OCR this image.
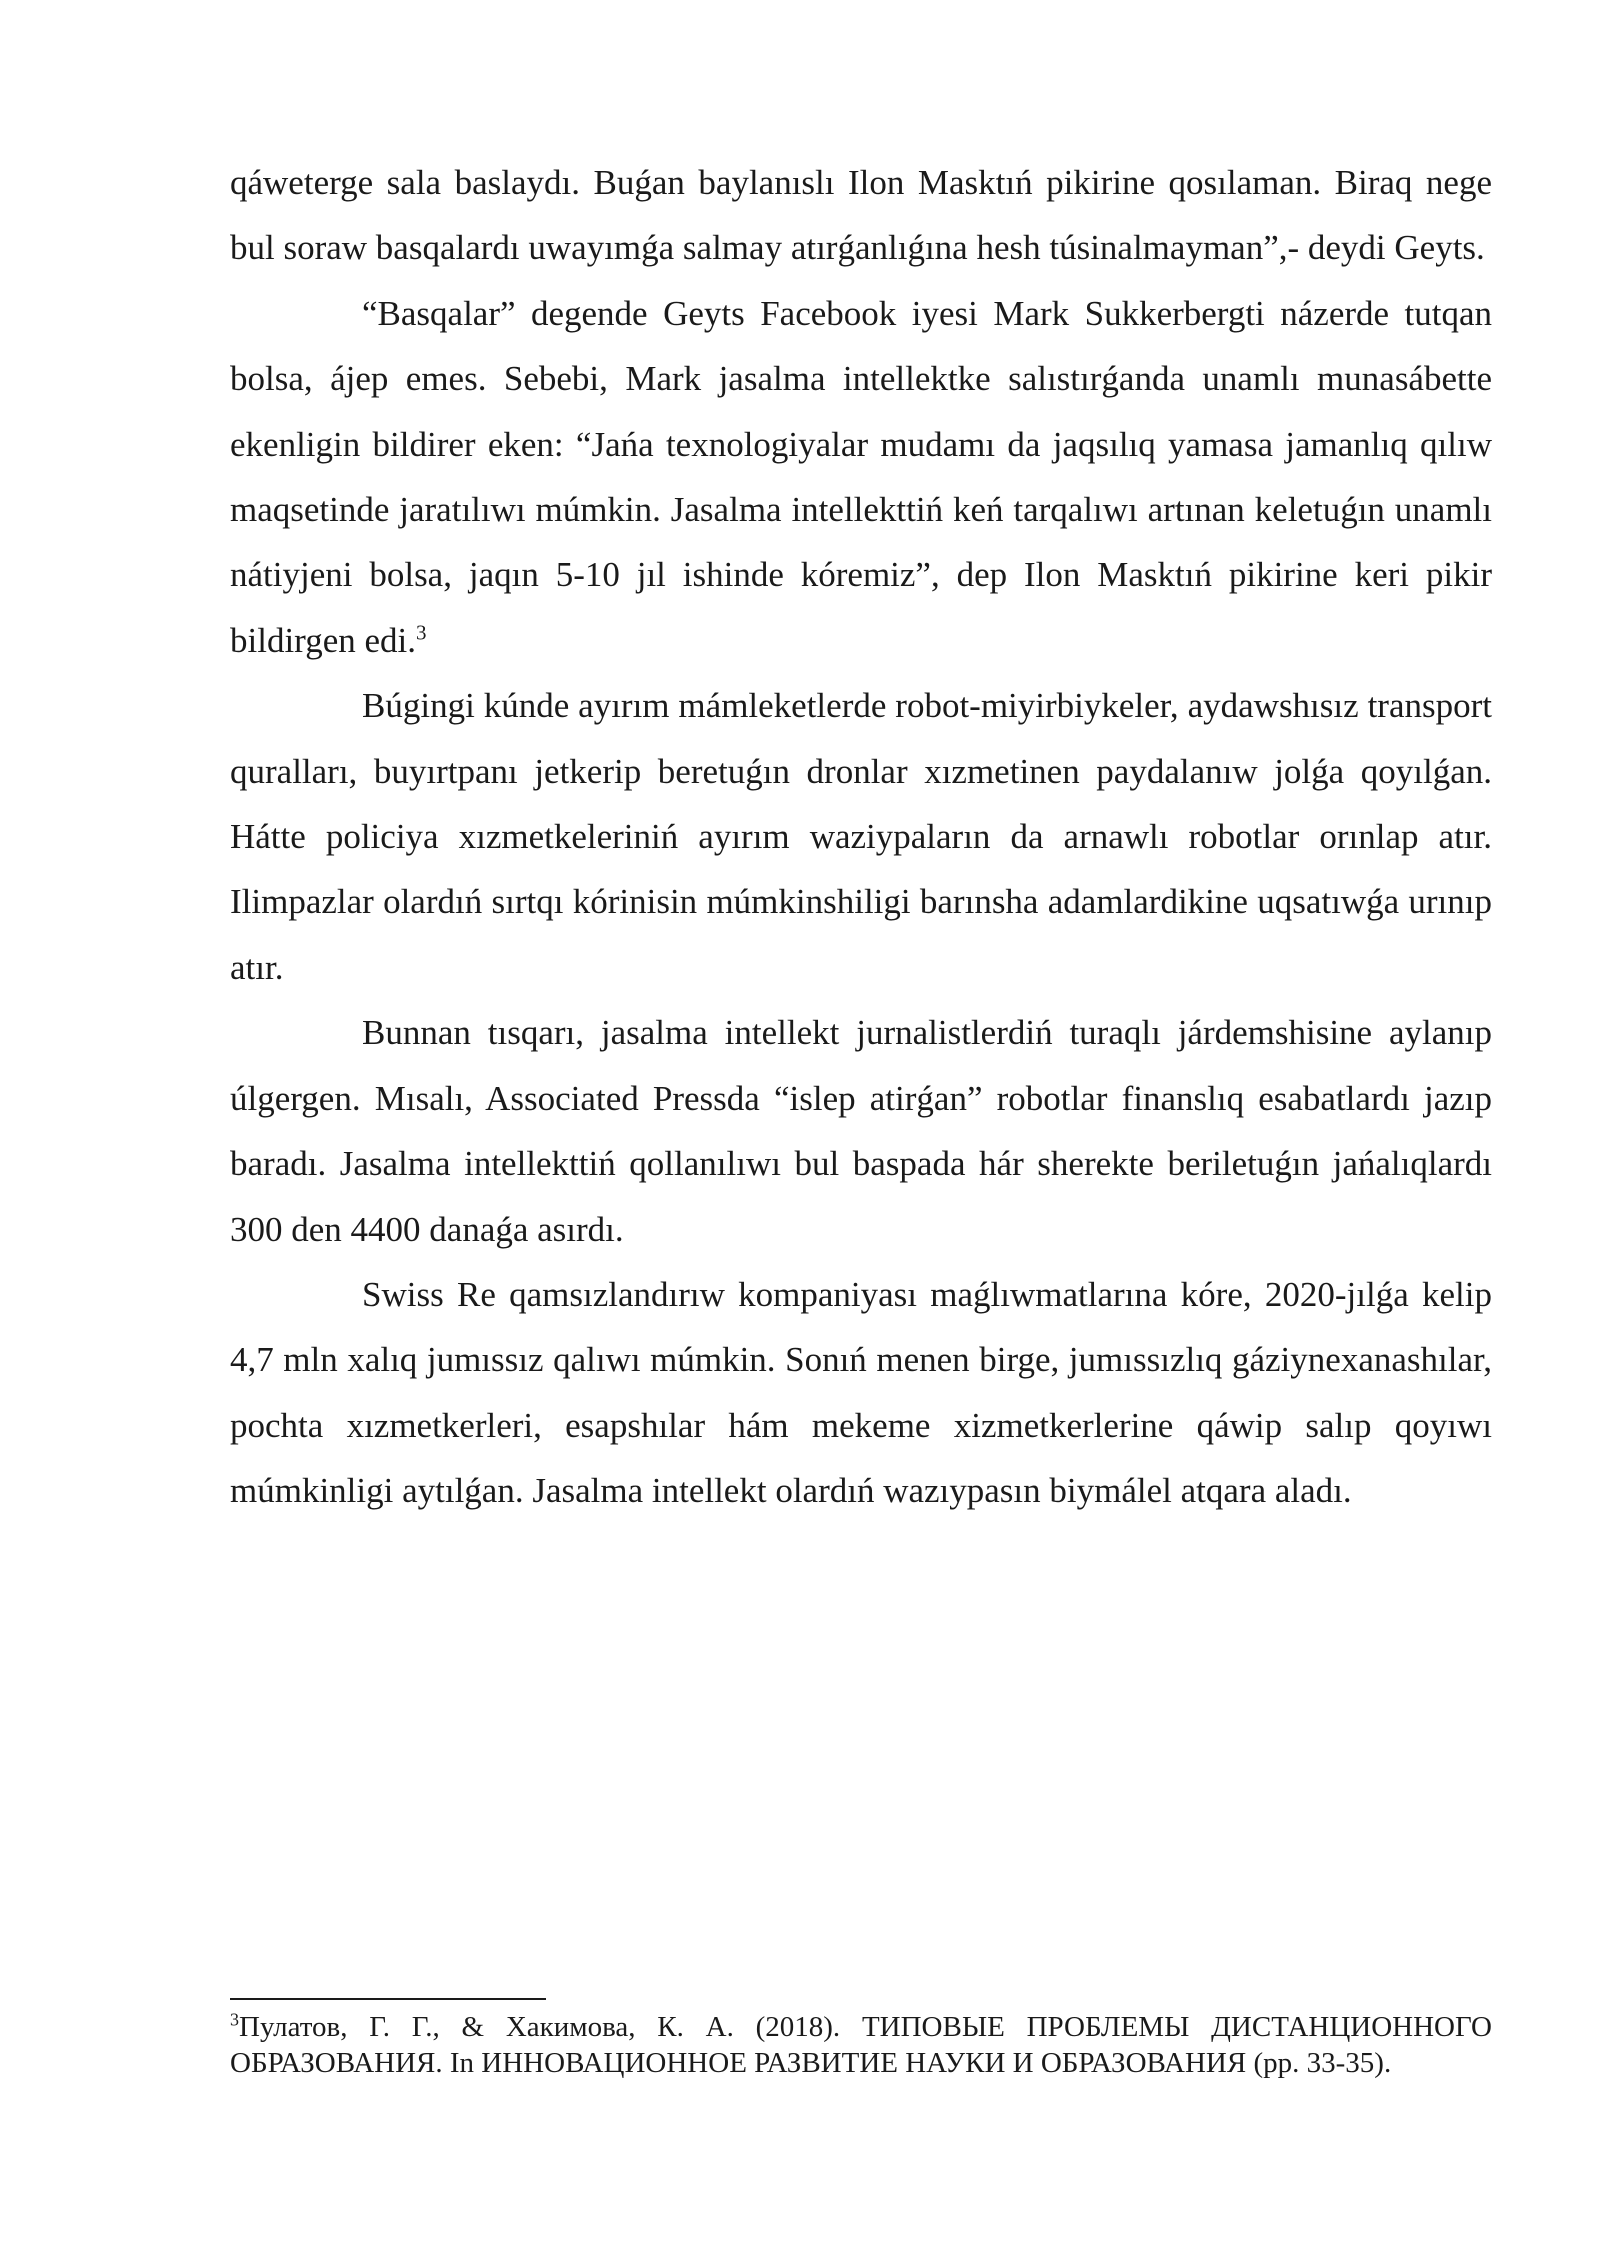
qáweterge sala baslaydı. Buǵan baylanıslı Ilon Masktıń pikirine qosılaman. Biraq nege bul soraw basqalardı uwayımǵa salmay atırǵanlıǵına hesh túsinalmayman”,- deydi Geyts.

“Basqalar” degende Geyts Facebook iyesi Mark Sukkerbergti názerde tutqan bolsa, ájep emes. Sebebi, Mark jasalma intellektke salıstırǵanda unamlı munasábette ekenligin bildirer eken: “Jańa texnologiyalar mudamı da jaqsılıq yamasa jamanlıq qılıw maqsetinde jaratılıwı múmkin. Jasalma intellekttiń keń tarqalıwı artınan keletuǵın unamlı nátiyjeni bolsa, jaqın 5-10 jıl ishinde kóremiz”, dep Ilon Masktıń pikirine keri pikir bildirgen edi.$^3$

Búgingi kúnde ayırım mámleketlerde robot-miyirbiykeler, aydawshısız transport quralları, buyırtpanı jetkerip beretuǵın dronlar xızmetinen paydalanıw jolǵa qoyılǵan. Hátte policiya xızmetkeleriniń ayırım waziypaların da arnawlı robotlar orınlap atır. Ilimpazlar olardıń sırtqı kórinisin múmkinshiligi barınsha adamlardikine uqsatıwǵa urınıp atır.

Bunnan tısqarı, jasalma intellekt jurnalistlerdiń turaqlı járdemshisine aylanıp úlgergen. Mısalı, Associated Pressda “islep atirǵan” robotlar finanslıq esabatlardı jazıp baradı. Jasalma intellekttiń qollanılıwı bul baspada hár sherekte beriletuǵın jańalıqlardı 300 den 4400 danaǵa asırdı.

Swiss Re qamsızlandırıw kompaniyası maǵlıwmatlarına kóre, 2020-jılǵa kelip 4,7 mln xalıq jumıssız qalıwı múmkin. Sonıń menen birge, jumıssızlıq gáziynexanashılar, pochta xızmetkerleri, esapshılar hám mekeme xizmetkerlerine qáwip salıp qoyıwı múmkinligi aytılǵan. Jasalma intellekt olardıń wazıypasın biymálel atqara aladı.

$^3$Пулатов, Г. Г., & Хакимова, К. А. (2018). ТИПОВЫЕ ПРОБЛЕМЫ ДИСТАНЦИОННОГО ОБРАЗОВАНИЯ. In ИННОВАЦИОННОЕ РАЗВИТИЕ НАУКИ И ОБРАЗОВАНИЯ (pp. 33-35).
